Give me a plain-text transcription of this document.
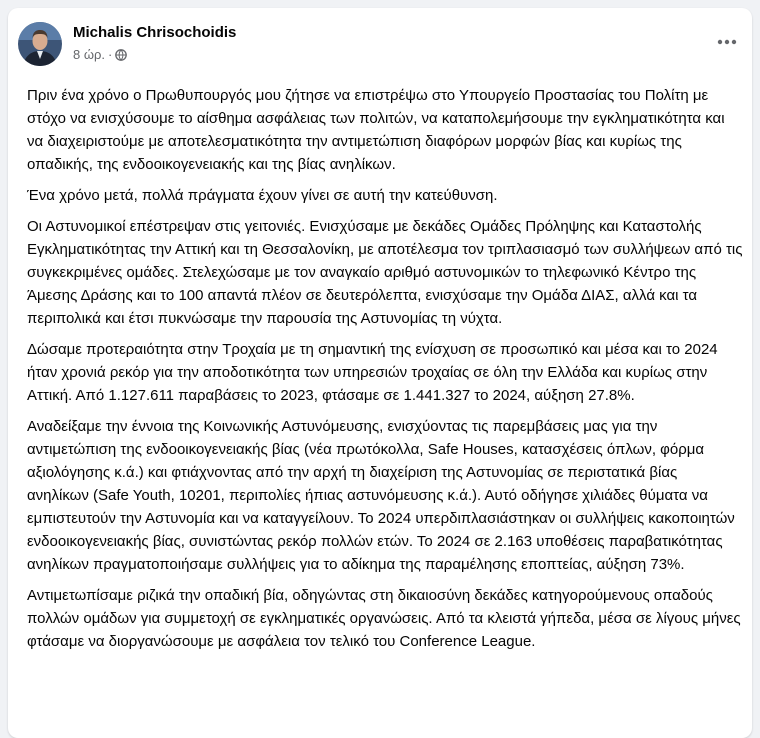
Michalis Chrisochoidis
8 ώρ. ·

Πριν ένα χρόνο ο Πρωθυπουργός μου ζήτησε να επιστρέψω στο Υπουργείο Προστασίας του Πολίτη με στόχο να ενισχύσουμε το αίσθημα ασφάλειας των πολιτών, να καταπολεμήσουμε την εγκληματικότητα και να διαχειριστούμε με αποτελεσματικότητα την αντιμετώπιση διαφόρων μορφών βίας και κυρίως της οπαδικής, της ενδοοικογενειακής και της βίας ανηλίκων.

Ένα χρόνο μετά, πολλά πράγματα έχουν γίνει σε αυτή την κατεύθυνση.

Οι Αστυνομικοί επέστρεψαν στις γειτονιές. Ενισχύσαμε με δεκάδες Ομάδες Πρόληψης και Καταστολής Εγκληματικότητας την Αττική και τη Θεσσαλονίκη, με αποτέλεσμα τον τριπλασιασμό των συλλήψεων από τις συγκεκριμένες ομάδες. Στελεχώσαμε με τον αναγκαίο αριθμό αστυνομικών το τηλεφωνικό Κέντρο της Άμεσης Δράσης και το 100 απαντά πλέον σε δευτερόλεπτα, ενισχύσαμε την Ομάδα ΔΙΑΣ, αλλά και τα περιπολικά και έτσι πυκνώσαμε την παρουσία της Αστυνομίας τη νύχτα.

Δώσαμε προτεραιότητα στην Τροχαία με τη σημαντική της ενίσχυση σε προσωπικό και μέσα και το 2024 ήταν χρονιά ρεκόρ για την αποδοτικότητα των υπηρεσιών τροχαίας σε όλη την Ελλάδα και κυρίως στην Αττική. Από 1.127.611 παραβάσεις το 2023, φτάσαμε σε 1.441.327 το 2024, αύξηση 27.8%.

Αναδείξαμε την έννοια της Κοινωνικής Αστυνόμευσης, ενισχύοντας τις παρεμβάσεις μας για την αντιμετώπιση της ενδοοικογενειακής βίας (νέα πρωτόκολλα, Safe Houses, κατασχέσεις όπλων, φόρμα αξιολόγησης κ.ά.) και φτιάχνοντας από την αρχή τη διαχείριση της Αστυνομίας σε περιστατικά βίας ανηλίκων (Safe Youth, 10201, περιπολίες ήπιας αστυνόμευσης κ.ά.). Αυτό οδήγησε χιλιάδες θύματα να εμπιστευτούν την Αστυνομία και να καταγγείλουν. Το 2024 υπερδιπλασιάστηκαν οι συλλήψεις κακοποιητών ενδοοικογενειακής βίας, συνιστώντας ρεκόρ πολλών ετών. Το 2024 σε 2.163 υποθέσεις παραβατικότητας ανηλίκων πραγματοποιήσαμε συλλήψεις για το αδίκημα της παραμέλησης εποπτείας, αύξηση 73%.

Αντιμετωπίσαμε ριζικά την οπαδική βία, οδηγώντας στη δικαιοσύνη δεκάδες κατηγορούμενους οπαδούς πολλών ομάδων για συμμετοχή σε εγκληματικές οργανώσεις. Από τα κλειστά γήπεδα, μέσα σε λίγους μήνες φτάσαμε να διοργανώσουμε με ασφάλεια τον τελικό του Conference League.
